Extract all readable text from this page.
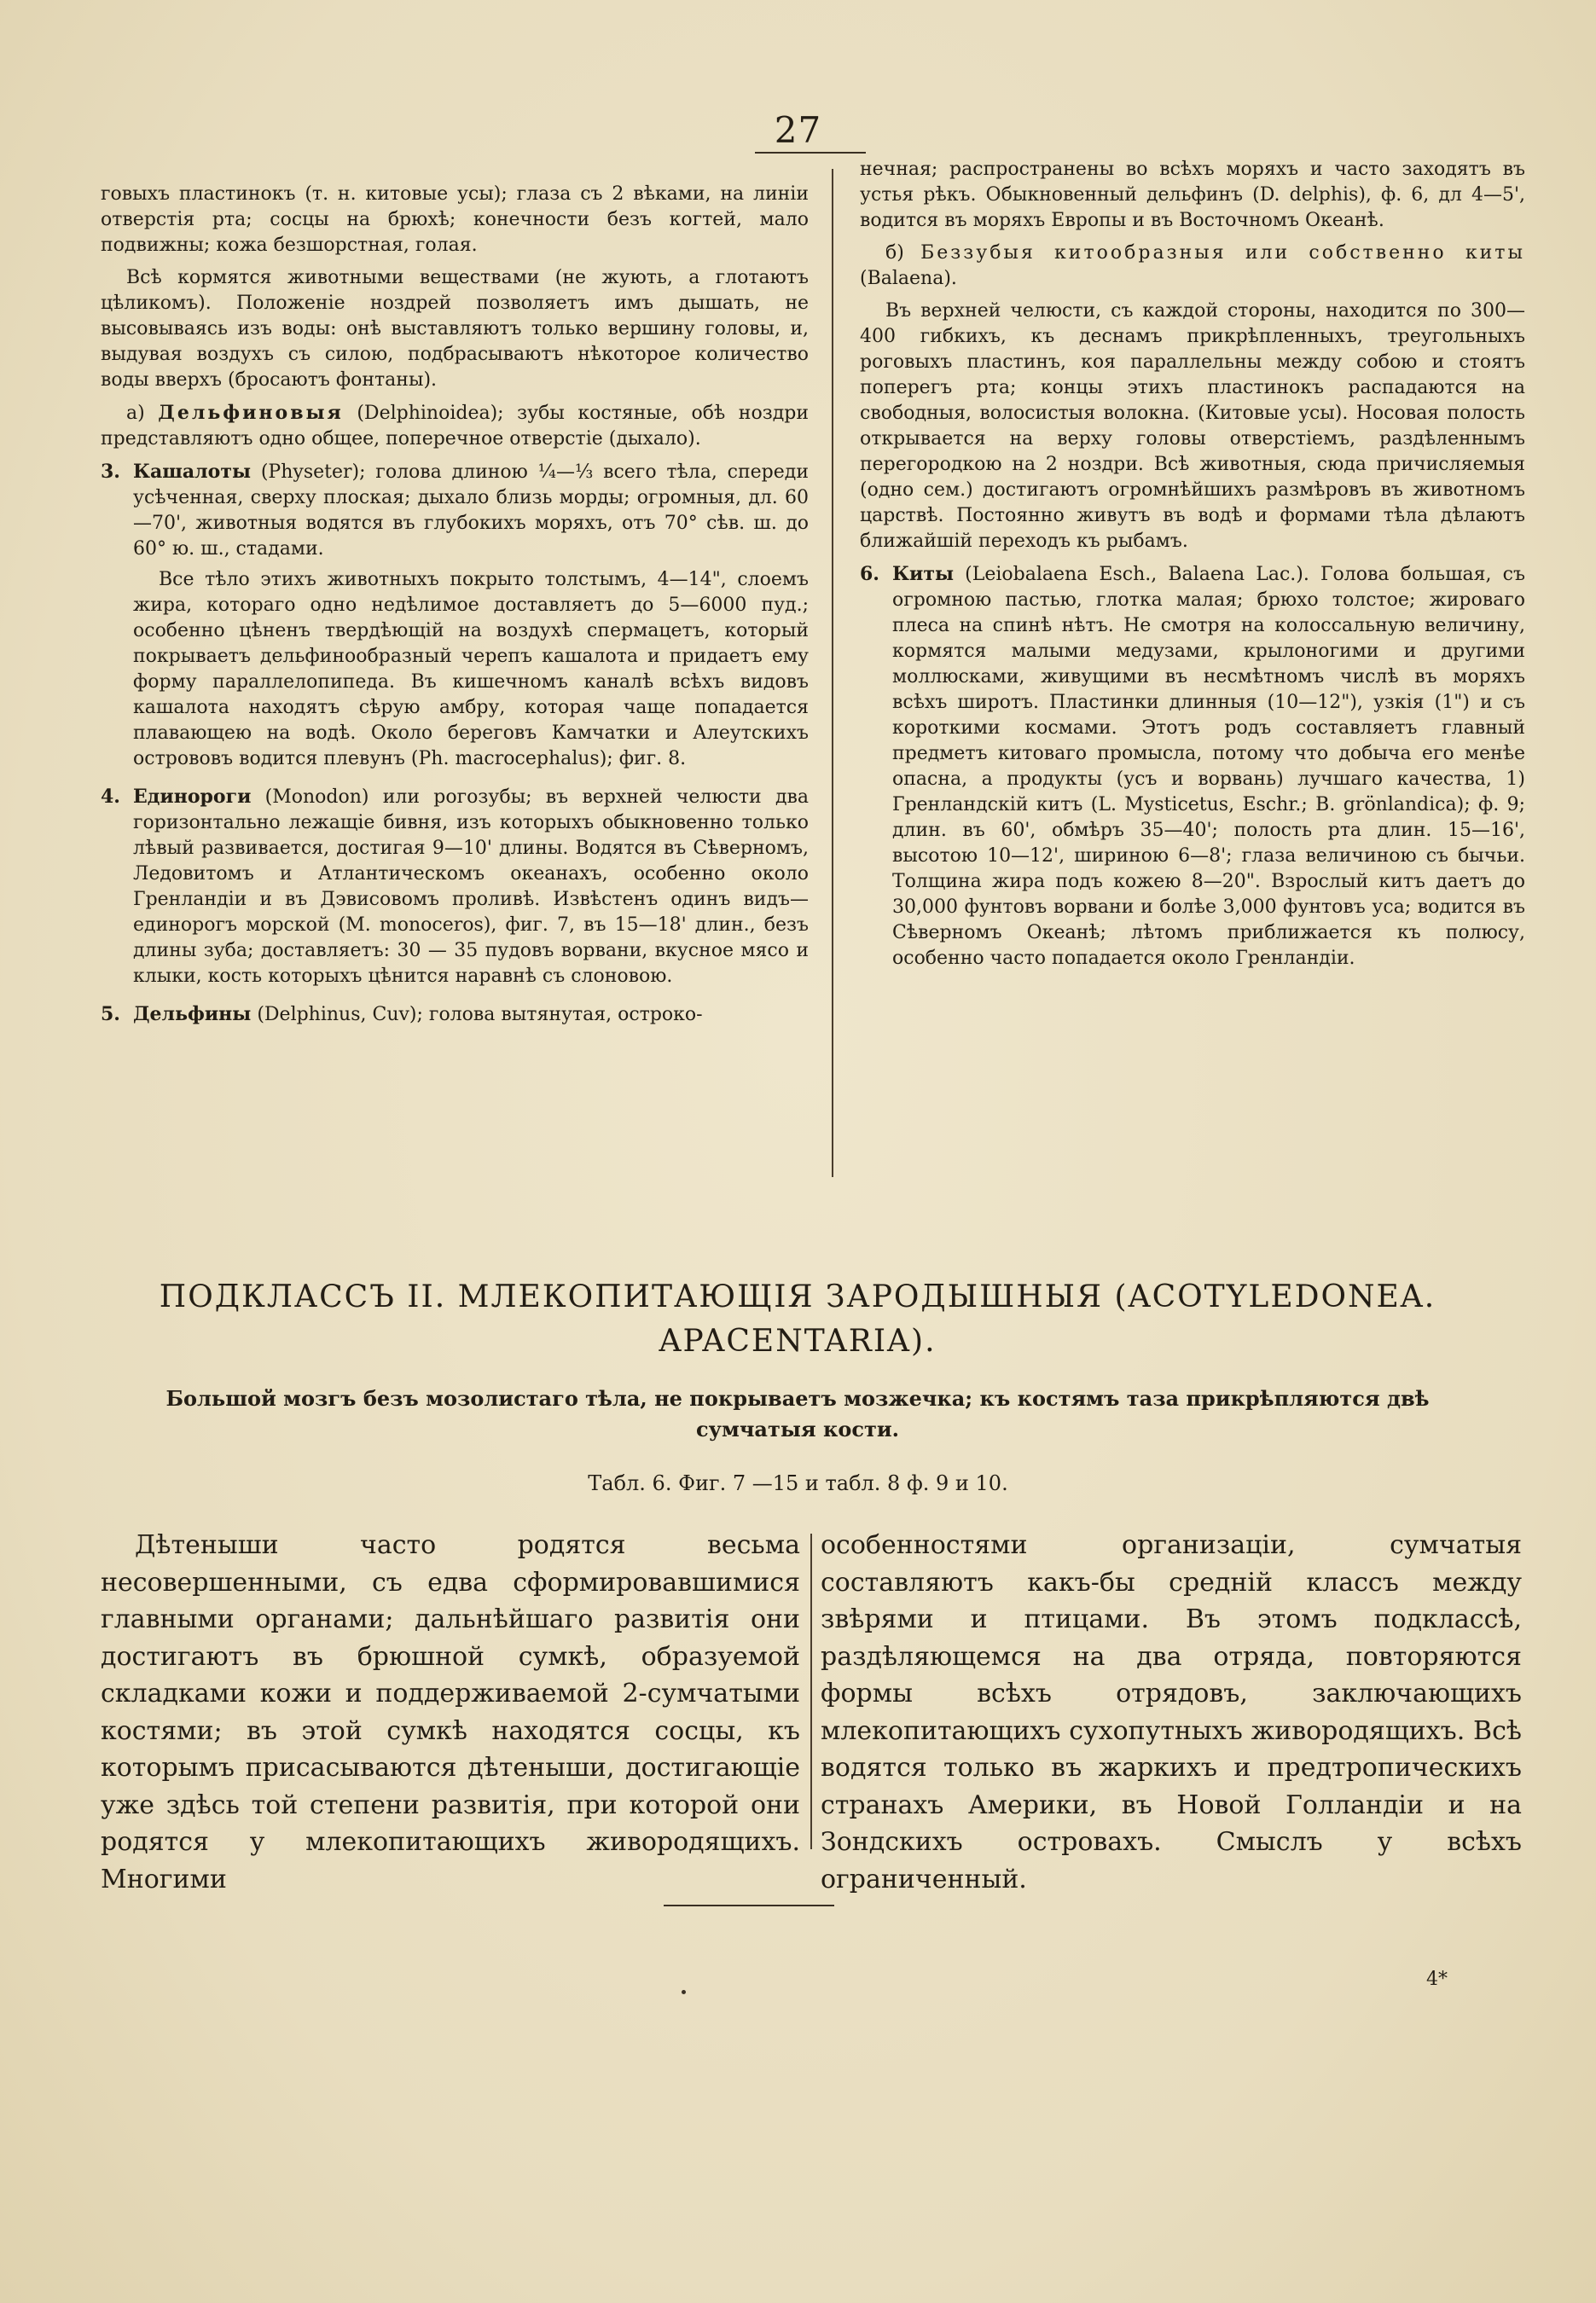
27

говыхъ пластинокъ (т. н. китовые усы); глаза съ 2 вѣками, на линіи отверстія рта; сосцы на брюхѣ; конечности безъ когтей, мало подвижны; кожа безшорстная, голая.

Всѣ кормятся животными веществами (не жують, а глотаютъ цѣликомъ). Положеніе ноздрей позволяетъ имъ дышать, не высовываясь изъ воды: онѣ выставляютъ только вершину головы, и, выдувая воздухъ съ силою, подбрасываютъ нѣкоторое количество воды вверхъ (бросаютъ фонтаны).

а) Дельфиновыя (Delphinoidea); зубы костяные, обѣ ноздри представляютъ одно общее, поперечное отверстіе (дыхало).

3. Кашалоты (Physeter); голова длиною ¼—⅓ всего тѣла, спереди усѣченная, сверху плоская; дыхало близь морды; огромныя, дл. 60—70', животныя водятся въ глубокихъ моряхъ, отъ 70° сѣв. ш. до 60° ю. ш., стадами.

Все тѣло этихъ животныхъ покрыто толстымъ, 4—14", слоемъ жира, котораго одно недѣлимое доставляетъ до 5—6000 пуд.; особенно цѣненъ твердѣющій на воздухѣ спермацетъ, который покрываетъ дельфинообразный черепъ кашалота и придаетъ ему форму параллелопипеда. Въ кишечномъ каналѣ всѣхъ видовъ кашалота находятъ сѣрую амбру, которая чаще попадается плавающею на водѣ. Около береговъ Камчатки и Алеутскихъ острововъ водится плевунъ (Ph. macrocephalus); фиг. 8.

4. Единороги (Monodon) или рогозубы; въ верхней челюсти два горизонтально лежащіе бивня, изъ которыхъ обыкновенно только лѣвый развивается, достигая 9—10' длины. Водятся въ Сѣверномъ, Ледовитомъ и Атлантическомъ океанахъ, особенно около Гренландіи и въ Дэвисовомъ проливѣ. Извѣстенъ одинъ видъ—единорогъ морской (M. monoceros), фиг. 7, въ 15—18' длин., безъ длины зуба; доставляетъ: 30 — 35 пудовъ ворвани, вкусное мясо и клыки, кость которыхъ цѣнится наравнѣ съ слоновою.

5. Дельфины (Delphinus, Cuv); голова вытянутая, остроко-

нечная; распространены во всѣхъ моряхъ и часто заходятъ въ устья рѣкъ. Обыкновенный дельфинъ (D. delphis), ф. 6, дл 4—5', водится въ моряхъ Европы и въ Восточномъ Океанѣ.

б) Беззубыя китообразныя или собственно киты (Balaena).

Въ верхней челюсти, съ каждой стороны, находится по 300—400 гибкихъ, къ деснамъ прикрѣпленныхъ, треугольныхъ роговыхъ пластинъ, коя параллельны между собою и стоятъ поперегъ рта; концы этихъ пластинокъ распадаются на свободныя, волосистыя волокна. (Китовые усы). Носовая полость открывается на верху головы отверстіемъ, раздѣленнымъ перегородкою на 2 ноздри. Всѣ животныя, сюда причисляемыя (одно сем.) достигаютъ огромнѣйшихъ размѣровъ въ животномъ царствѣ. Постоянно живутъ въ водѣ и формами тѣла дѣлаютъ ближайшій переходъ къ рыбамъ.

6. Киты (Leiobalaena Esch., Balaena Lac.). Голова большая, съ огромною пастью, глотка малая; брюхо толстое; жироваго плеса на спинѣ нѣтъ. Не смотря на колоссальную величину, кормятся малыми медузами, крылоногими и другими моллюсками, живущими въ несмѣтномъ числѣ въ моряхъ всѣхъ широтъ. Пластинки длинныя (10—12"), узкія (1") и съ короткими космами. Этотъ родъ составляетъ главный предметъ китоваго промысла, потому что добыча его менѣе опасна, а продукты (усъ и ворвань) лучшаго качества, 1) Гренландскій китъ (L. Mysticetus, Eschr.; B. grönlandica); ф. 9; длин. въ 60', обмѣръ 35—40'; полость рта длин. 15—16', высотою 10—12', шириною 6—8'; глаза величиною съ бычьи. Толщина жира подъ кожею 8—20". Взрослый китъ даетъ до 30,000 фунтовъ ворвани и болѣе 3,000 фунтовъ уса; водится въ Сѣверномъ Океанѣ; лѣтомъ приближается къ полюсу, особенно часто попадается около Гренландіи.

ПОДКЛАССЪ II. МЛЕКОПИТАЮЩІЯ ЗАРОДЫШНЫЯ (ACOTYLEDONEA. APACENTARIA).
Большой мозгъ безъ мозолистаго тѣла, не покрываетъ мозжечка; къ костямъ таза прикрѣпляются двѣ сумчатыя кости.
Табл. 6. Фиг. 7 —15 и табл. 8 ф. 9 и 10.
Дѣтеныши часто родятся весьма несовершенными, съ едва сформировавшимися главными органами; дальнѣйшаго развитія они достигаютъ въ брюшной сумкѣ, образуемой складками кожи и поддерживаемой 2-сумчатыми костями; въ этой сумкѣ находятся сосцы, къ которымъ присасываются дѣтеныши, достигающіе уже здѣсь той степени развитія, при которой они родятся у млекопитающихъ живородящихъ. Многими
особенностями организаціи, сумчатыя составляютъ какъ-бы средній классъ между звѣрями и птицами. Въ этомъ подклассѣ, раздѣляющемся на два отряда, повторяются формы всѣхъ отрядовъ, заключающихъ млекопитающихъ сухопутныхъ живородящихъ. Всѣ водятся только въ жаркихъ и предтропическихъ странахъ Америки, въ Новой Голландіи и на Зондскихъ островахъ. Смыслъ у всѣхъ ограниченный.
4*
